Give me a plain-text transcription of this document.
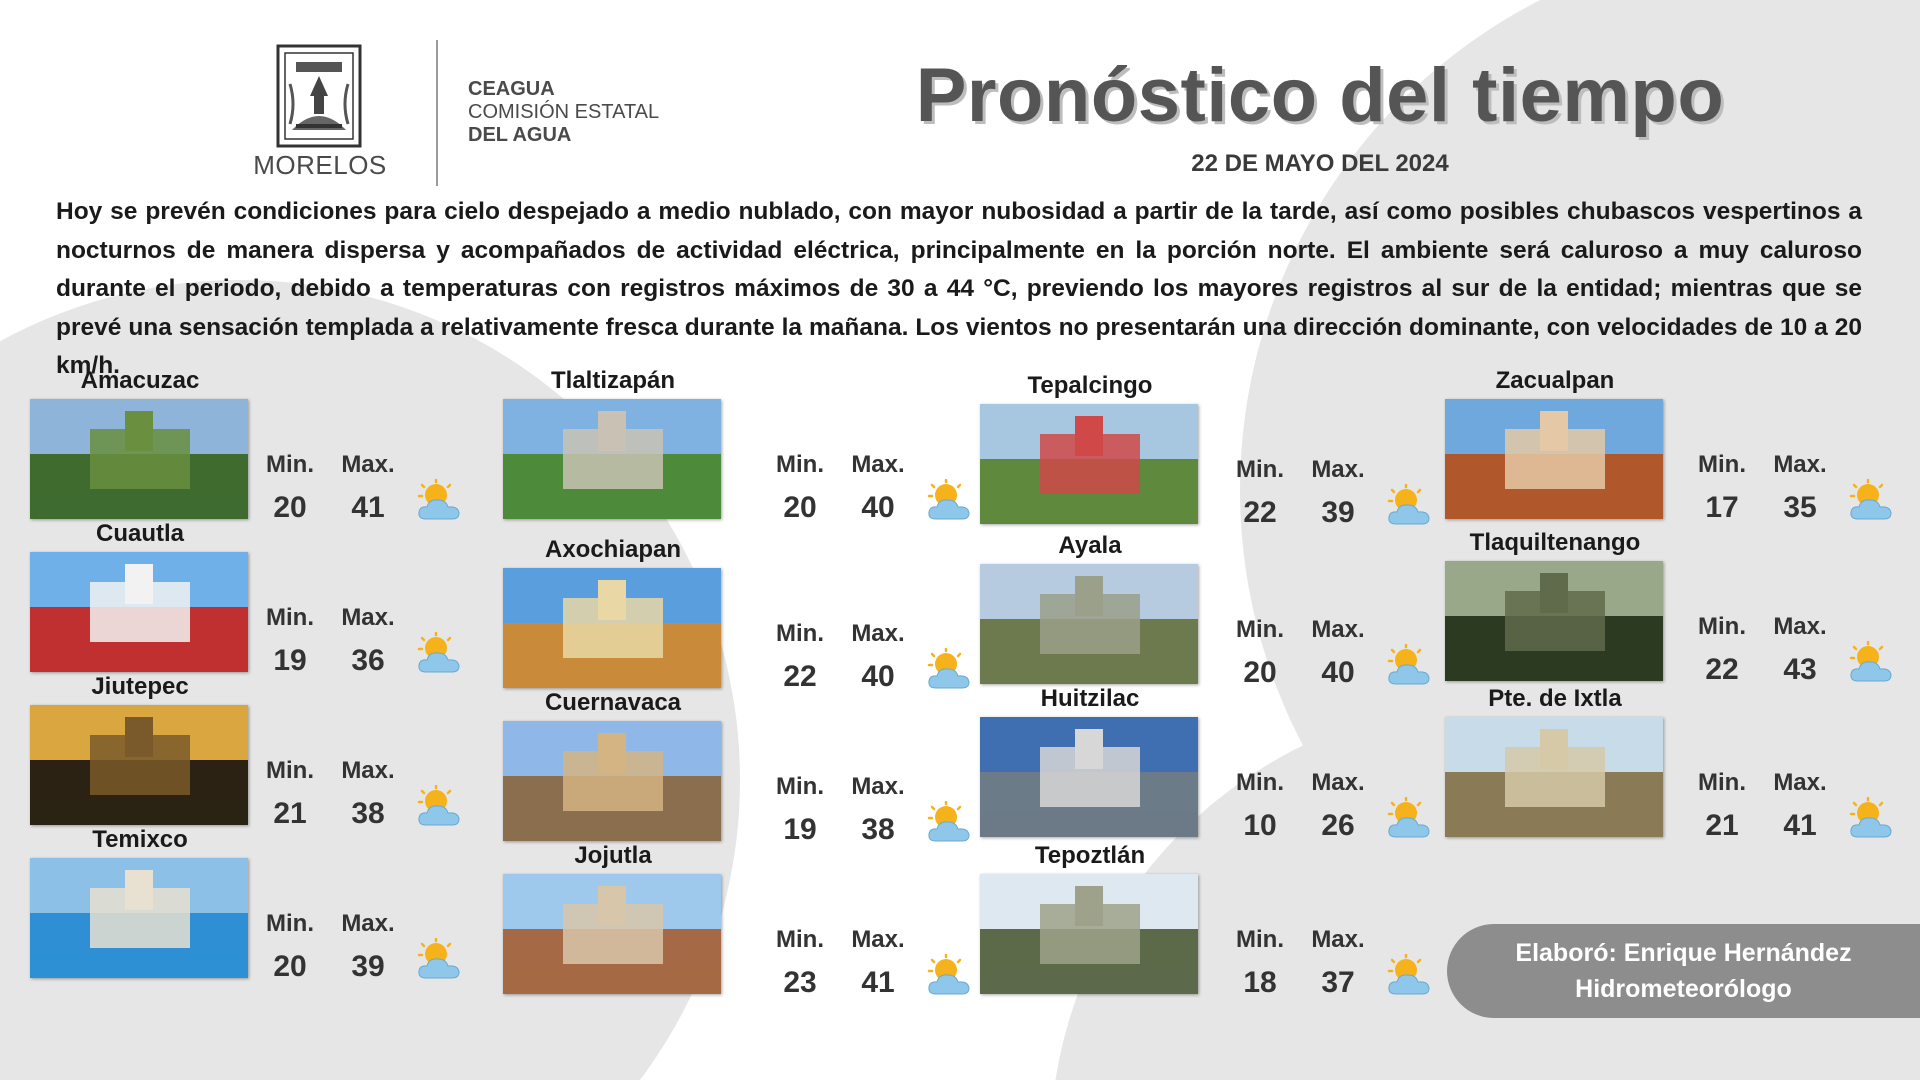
MORELOS
CEAGUA
COMISIÓN ESTATAL
DEL AGUA	Pronóstico del tiempo
22 DE MAYO DEL 2024
Hoy se prevén condiciones para cielo despejado a medio nublado, con mayor nubosidad a partir de la tarde, así como posibles chubascos vespertinos a nocturnos de manera dispersa y acompañados de actividad eléctrica, principalmente en la porción norte. El ambiente será caluroso a muy caluroso durante el periodo, debido a temperaturas con registros máximos de 30 a 44 °C, previendo los mayores registros al sur de la entidad; mientras que se prevé una sensación templada a relativamente fresca durante la mañana. Los vientos no presentarán una dirección dominante, con velocidades de 10 a 20 km/h.
Amacuzac
Min.	Max.
20	41
Cuautla
Min.	Max.
19	36
Jiutepec
Min.	Max.
21	38
Temixco
Min.	Max.
20	39
Tlaltizapán
Min.	Max.
20	40
Axochiapan
Min.	Max.
22	40
Cuernavaca
Min.	Max.
19	38
Jojutla
Min.	Max.
23	41
Tepalcingo
Min.	Max.
22	39
Ayala
Min.	Max.
20	40
Huitzilac
Min.	Max.
10	26
Tepoztlán
Min.	Max.
18	37
Zacualpan
Min.	Max.
17	35
Tlaquiltenango
Min.	Max.
22	43
Pte. de Ixtla
Min.	Max.
21	41
Elaboró: Enrique Hernández
Hidrometeorólogo
